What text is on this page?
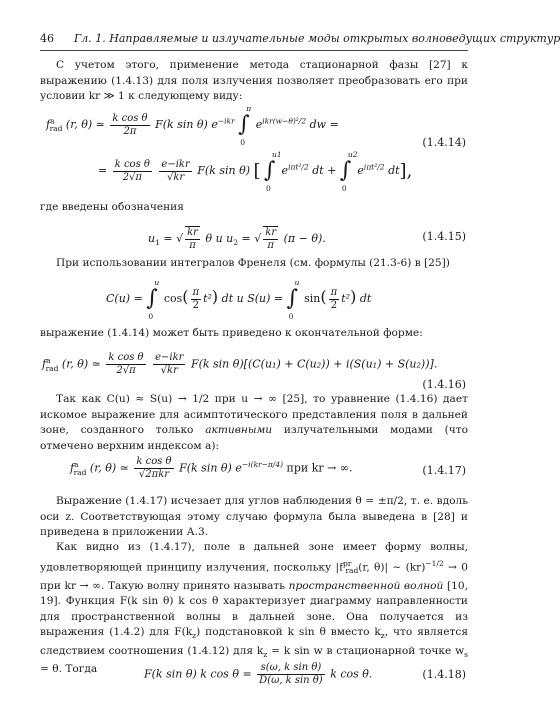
46 Гл. 1. Направляемые и излучательные моды открытых волноведущих структур

С учетом этого, применение метода стационарной фазы [27] к выражению (1.4.13) для поля излучения позволяет преобразовать его при условии kr ≫ 1 к следующему виду:

$f^a_{rad}$ (r, θ) ≃ $\frac{\text{k cos θ}}{2\pi} F(k$ sin θ) $e^{-ikr}$ ∫
π
0
$e^{ikr(w-\theta)^2/2}$ dw =
= $\frac{\text{k cos θ}}{2√\pi}$
$\frac{\text{e−ikr}}{√kr} F(k$ sin θ) [ ∫
u1
0
$e^{i\pi t^2/2}$ dt + ∫
u2
0
$e^{i\pi t^2/2}$ dt],
(1.4.14)

где введены обозначения

$u_1$ = √ $\frac{kr}{\pi}$ θ и $u_2$ = √ $\frac{kr}{\pi} (\pi - \theta)$.	(1.4.15)

При использовании интегралов Френеля (см. формулы (21.3-6) в [25])

C(u) = ∫
u
0
$\cos( \frac{\pi}{2} t^2)$ dt и S(u) = ∫
u
0
$\sin( \frac{\pi}{2} t^2)$ dt

выражение (1.4.14) может быть приведено к окончательной форме:

$f^a_{rad}$ (r, θ) ≃ $\frac{\text{k cos θ}}{2√\pi}$
$\frac{\text{e−ikr}}{√kr} F(k$ sin θ)[(C(u₁) + C(u₂)) + i(S(u₁) + S(u₂))].
(1.4.16)

Так как C(u) ≈ S(u) → 1/2 при u → ∞ [25], то уравнение (1.4.16) дает искомое выражение для асимптотического представления поля в дальней зоне, созданного только активными излучательными модами (что отмечено верхним индексом a):

$f^a_{rad}$ (r, θ) ≃ $\frac{\text{k cos θ}}{\text{√2πkr}} F(k$ sin θ) $e^{-i(kr-\pi/4)}$ при kr → ∞.	(1.4.17)

Выражение (1.4.17) исчезает для углов наблюдения θ = ±π/2, т. е. вдоль оси z. Соответствующая этому случаю формула была выведена в [28] и приведена в приложении А.3.

Как видно из (1.4.17), поле в дальней зоне имеет форму волны, удовлетворяющей принципу излучения, поскольку $|f^{pr}_{rad}(r$, θ)| ∼ (kr)$^{-1/2}$ → 0 при kr → ∞. Такую волну принято называть пространственной волной [10, 19]. Функция F(k sin θ) k cos θ характеризует диаграмму направленности для пространственной волны в дальней зоне. Она получается из выражения (1.4.2) для $F(k_z)$ подстановкой k sin θ вместо $k_z$, что является следствием соотношения (1.4.12) для $k_z = k$ sin w в стационарной точке $w_s = \theta$. Тогда	F(k sin θ) k $\cos \theta = \frac{\text{s(ω, k sin θ)}}{\text{D(ω, k sin θ)}}$ k cos θ.	(1.4.18)
